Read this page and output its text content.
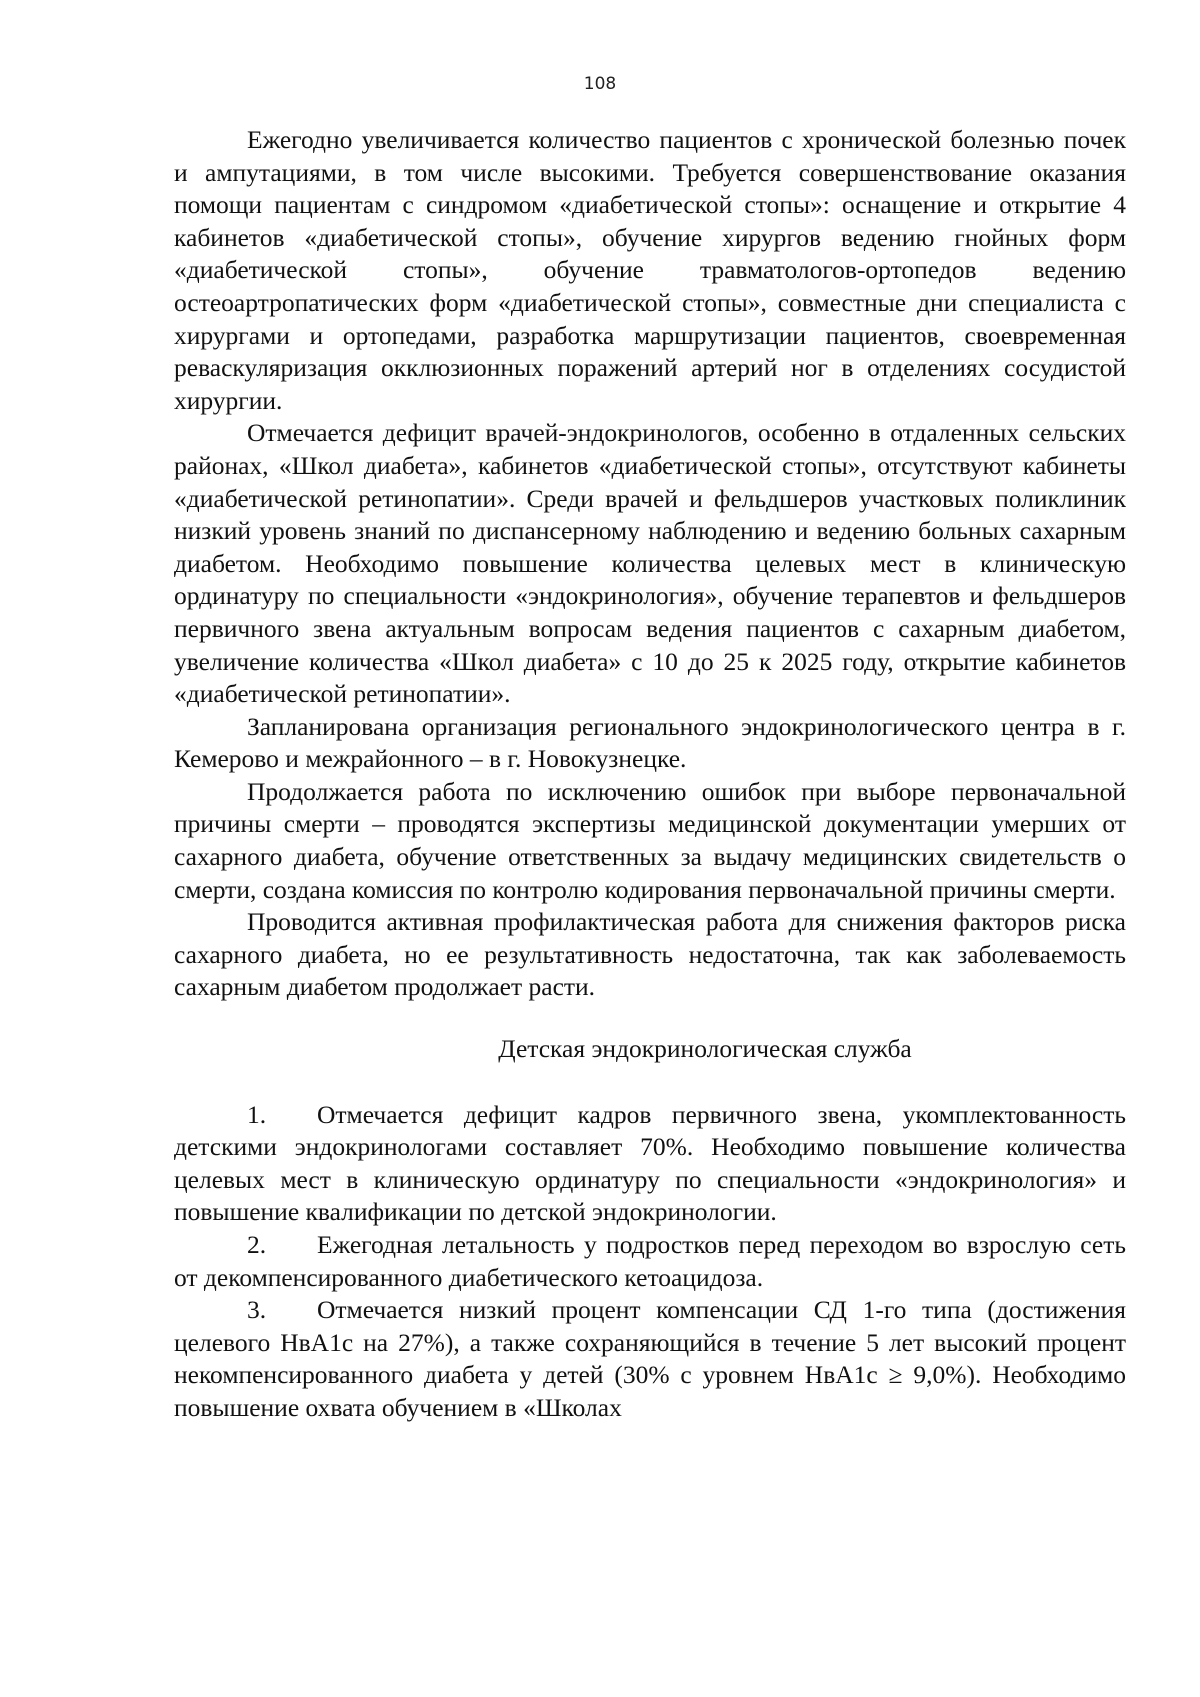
108

Ежегодно увеличивается количество пациентов с хронической болезнью почек и ампутациями, в том числе высокими. Требуется совершенствование оказания помощи пациентам с синдромом «диабетической стопы»: оснащение и открытие 4 кабинетов «диабетической стопы», обучение хирургов ведению гнойных форм «диабетической стопы», обучение травматологов-ортопедов ведению остеоартропатических форм «диабетической стопы», совместные дни специалиста с хирургами и ортопедами, разработка маршрутизации пациентов, своевременная реваскуляризация окклюзионных поражений артерий ног в отделениях сосудистой хирургии.

Отмечается дефицит врачей-эндокринологов, особенно в отдаленных сельских районах, «Школ диабета», кабинетов «диабетической стопы», отсутствуют кабинеты «диабетической ретинопатии». Среди врачей и фельдшеров участковых поликлиник низкий уровень знаний по диспансерному наблюдению и ведению больных сахарным диабетом. Необходимо повышение количества целевых мест в клиническую ординатуру по специальности «эндокринология», обучение терапевтов и фельдшеров первичного звена актуальным вопросам ведения пациентов с сахарным диабетом, увеличение количества «Школ диабета» с 10 до 25 к 2025 году, открытие кабинетов «диабетической ретинопатии».

Запланирована организация регионального эндокринологического центра в г. Кемерово и межрайонного – в г. Новокузнецке.

Продолжается работа по исключению ошибок при выборе первоначальной причины смерти – проводятся экспертизы медицинской документации умерших от сахарного диабета, обучение ответственных за выдачу медицинских свидетельств о смерти, создана комиссия по контролю кодирования первоначальной причины смерти.

Проводится активная профилактическая работа для снижения факторов риска сахарного диабета, но ее результативность недостаточна, так как заболеваемость сахарным диабетом продолжает расти.

Детская эндокринологическая служба
1. Отмечается дефицит кадров первичного звена, укомплектованность детскими эндокринологами составляет 70%. Необходимо повышение количества целевых мест в клиническую ординатуру по специальности «эндокринология» и повышение квалификации по детской эндокринологии.
2. Ежегодная летальность у подростков перед переходом во взрослую сеть от декомпенсированного диабетического кетоацидоза.
3. Отмечается низкий процент компенсации СД 1-го типа (достижения целевого НвА1с на 27%), а также сохраняющийся в течение 5 лет высокий процент некомпенсированного диабета у детей (30% с уровнем НвА1с ≥ 9,0%). Необходимо повышение охвата обучением в «Школах
